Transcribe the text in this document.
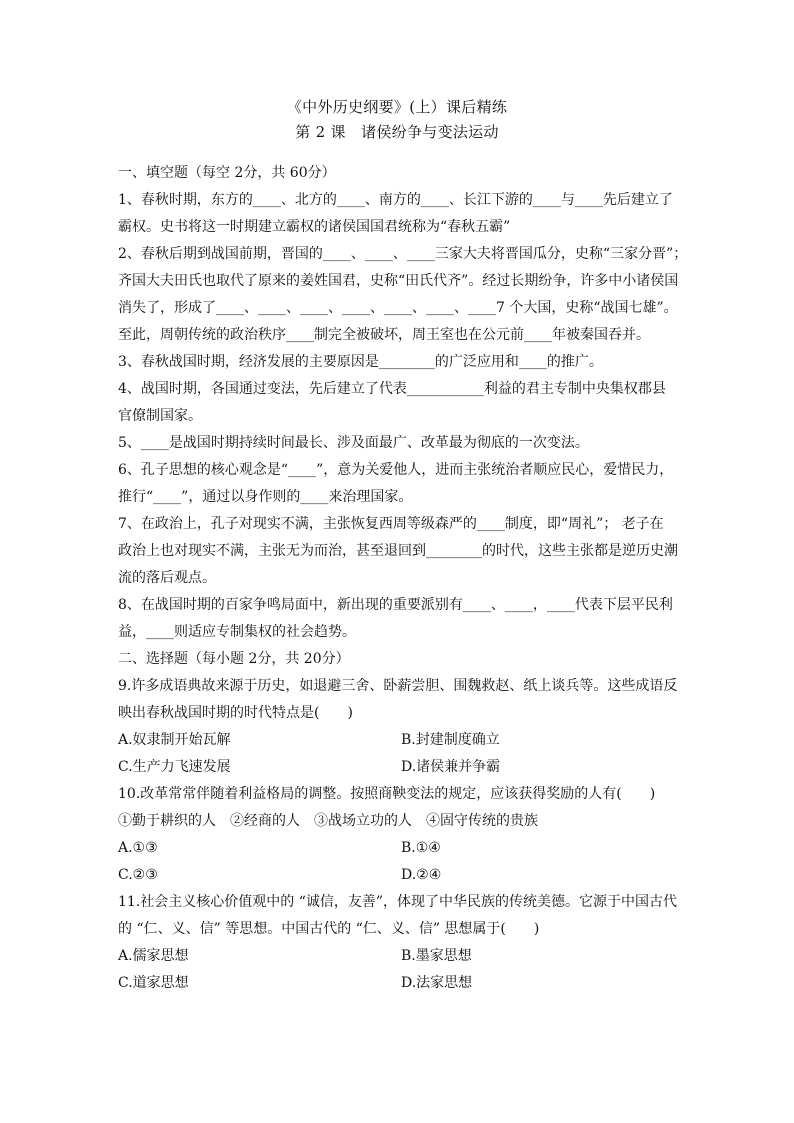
《中外历史纲要》(上）课后精练
第 2 课　诸侯纷争与变法运动
一、填空题（每空 2分，共 60分）
1、春秋时期，东方的____、北方的____、南方的____、长江下游的____与____先后建立了
霸权。史书将这一时期建立霸权的诸侯国国君统称为“春秋五霸”
2、春秋后期到战国前期，晋国的____、____、____三家大夫将晋国瓜分，史称“三家分晋”；
齐国大夫田氏也取代了原来的姜姓国君，史称“田氏代齐”。经过长期纷争，许多中小诸侯国
消失了，形成了____、____、____、____、____、____、____7 个大国，史称“战国七雄”。
至此，周朝传统的政治秩序____制完全被破坏，周王室也在公元前____年被秦国吞并。
3、春秋战国时期，经济发展的主要原因是________的广泛应用和____的推广。
4、战国时期，各国通过变法，先后建立了代表___________利益的君主专制中央集权郡县
官僚制国家。
5、____是战国时期持续时间最长、涉及面最广、改革最为彻底的一次变法。
6、孔子思想的核心观念是“____”，意为关爱他人，进而主张统治者顺应民心，爱惜民力，
推行“____”，通过以身作则的____来治理国家。
7、在政治上，孔子对现实不满，主张恢复西周等级森严的____制度，即“周礼”； 老子在
政治上也对现实不满，主张无为而治，甚至退回到________的时代，这些主张都是逆历史潮
流的落后观点。
8、在战国时期的百家争鸣局面中，新出现的重要派别有____、____，____代表下层平民利
益，____则适应专制集权的社会趋势。
二、选择题（每小题 2分，共 20分）
9.许多成语典故来源于历史，如退避三舍、卧薪尝胆、围魏救赵、纸上谈兵等。这些成语反
映出春秋战国时期的时代特点是(　　)
A.奴隶制开始瓦解	B.封建制度确立
C.生产力飞速发展	D.诸侯兼并争霸
10.改革常常伴随着利益格局的调整。按照商鞅变法的规定，应该获得奖励的人有(　　)
①勤于耕织的人　②经商的人　③战场立功的人　④固守传统的贵族
A.①③	B.①④
C.②③	D.②④
11.社会主义核心价值观中的 “诚信，友善”，体现了中华民族的传统美德。它源于中国古代
的 “仁、义、信” 等思想。中国古代的 “仁、义、信” 思想属于(　　)
A.儒家思想	B.墨家思想
C.道家思想	D.法家思想
